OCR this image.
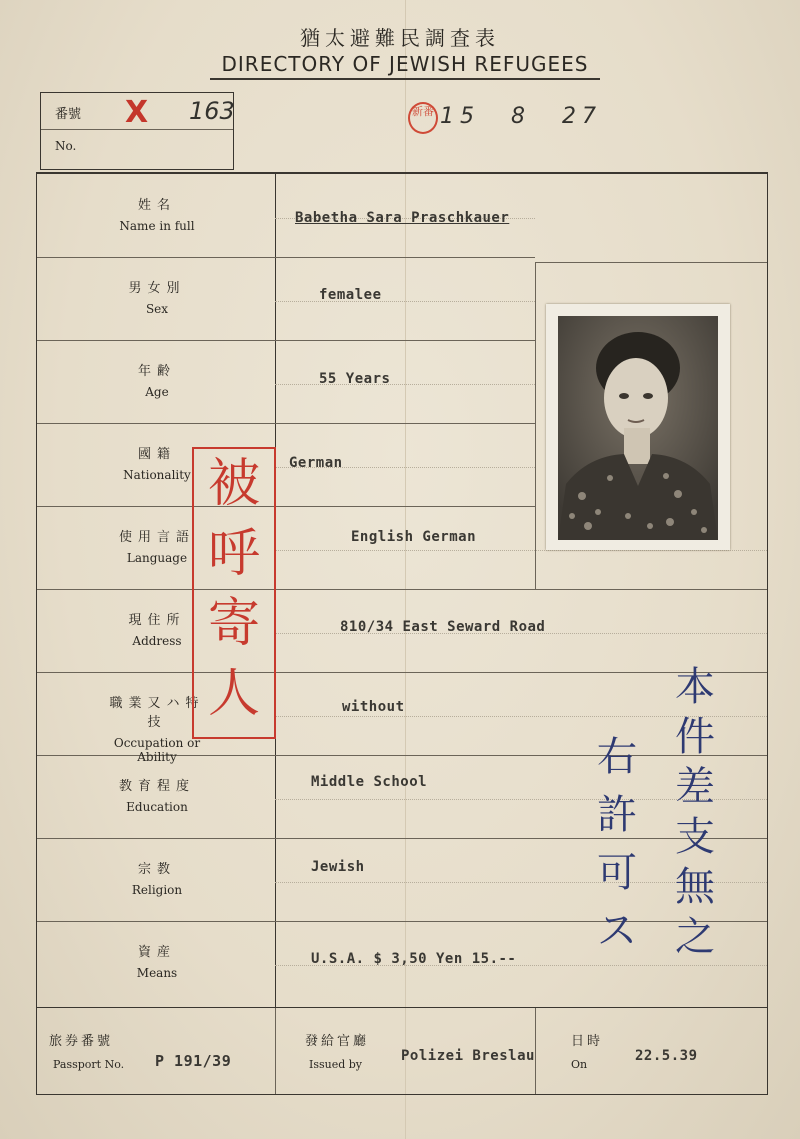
猶太避難民調査表
DIRECTORY OF JEWISH REFUGEES
番號 X 163
No.
新番 15 8 27
姓名
Name in full
男女別
Sex
年齢
Age
國籍
Nationality
使用言語
Language
現住所
Address
職業又ハ特技
Occupation or Ability
教育程度
Education
宗教
Religion
資産
Means
Babetha Sara Praschkauer
femalee
55 Years
German
English German
810/34 East Seward Road
without
Middle School
Jewish
U.S.A. $ 3,50 Yen 15.--
旅券番號
Passport No. P 191/39
發給官廳
Issued by
Polizei Breslau
日時
On
22.5.39
被
呼
寄
人	本
件
差
支
無
之
右
許
可
ス
